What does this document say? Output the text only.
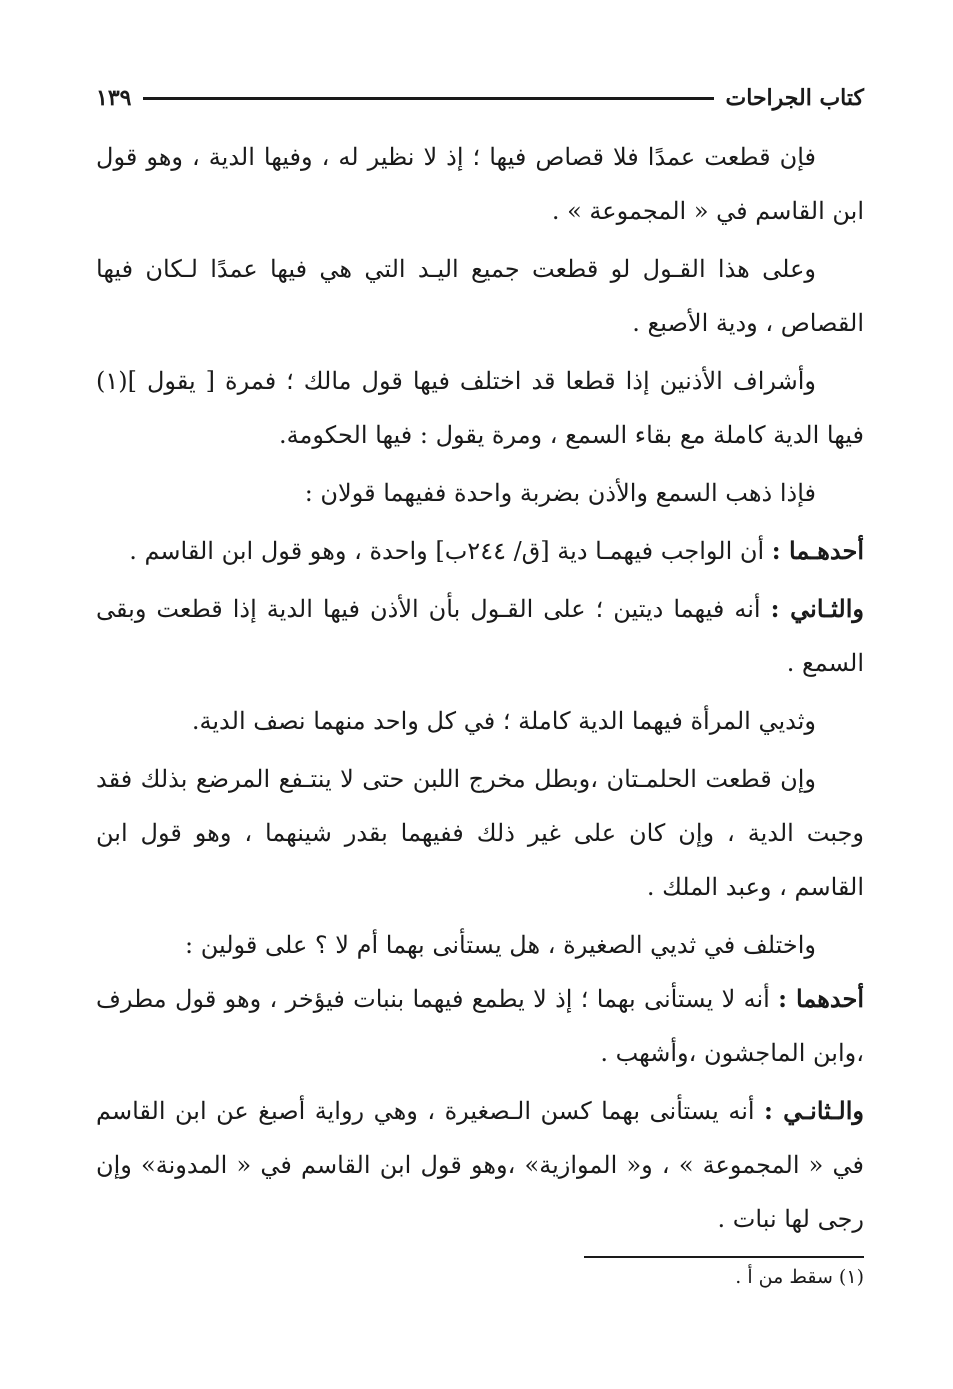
كتاب الجراحات
١٣٩

فإن قطعت عمدًا فلا قصاص فيها ؛ إذ لا نظير له ، وفيها الدية ، وهو قول ابن القاسم في « المجموعة » .

وعلى هذا القـول لو قطعت جميع اليـد التي هي فيها عمدًا لـكان فيها القصاص ، ودية الأصبع .

وأشراف الأذنين إذا قطعا قد اختلف فيها قول مالك ؛ فمرة [ يقول ](١) فيها الدية كاملة مع بقاء السمع ، ومرة يقول : فيها الحكومة.

فإذا ذهب السمع والأذن بضربة واحدة ففيهما قولان :

أحدهـما : أن الواجب فيهمـا دية [ق/ ٢٤٤ب] واحدة ، وهو قول ابن القاسم .

والثـاني : أنه فيهما ديتين ؛ على القـول بأن الأذن فيها الدية إذا قطعت وبقى السمع .

وثديي المرأة فيهما الدية كاملة ؛ في كل واحد منهما نصف الدية.

وإن قطعت الحلمـتان ،وبطل مخرج اللبن حتى لا ينتـفع المرضع بذلك فقد وجبت الدية ، وإن كان على غير ذلك ففيهما بقدر شينهما ، وهو قول ابن القاسم ، وعبد الملك .

واختلف في ثديي الصغيرة ، هل يستأنى بهما أم لا ؟ على قولين :

أحدهما : أنه لا يستأنى بهما ؛ إذ لا يطمع فيهما بنبات فيؤخر ، وهو قول مطرف ،وابن الماجشون ،وأشهب .

والـثانـي : أنه يستأنى بهما كسن الـصغيرة ، وهي رواية أصبغ عن ابن القاسم في « المجموعة » ، و« الموازية» ،وهو قول ابن القاسم في « المدونة» وإن رجى لها نبات .

(١) سقط من أ .
